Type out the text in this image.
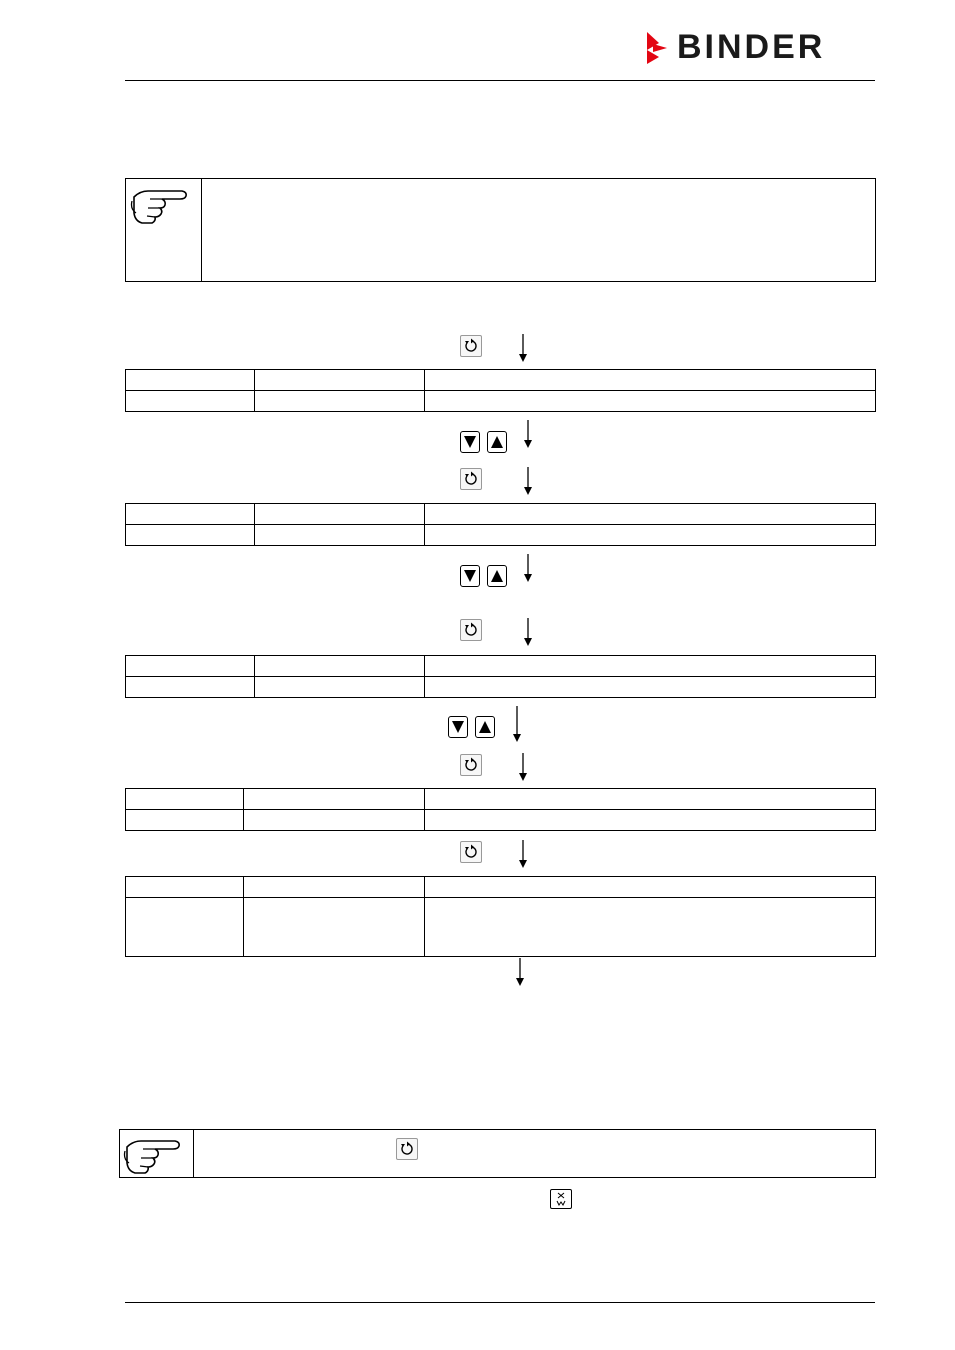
BINDER
